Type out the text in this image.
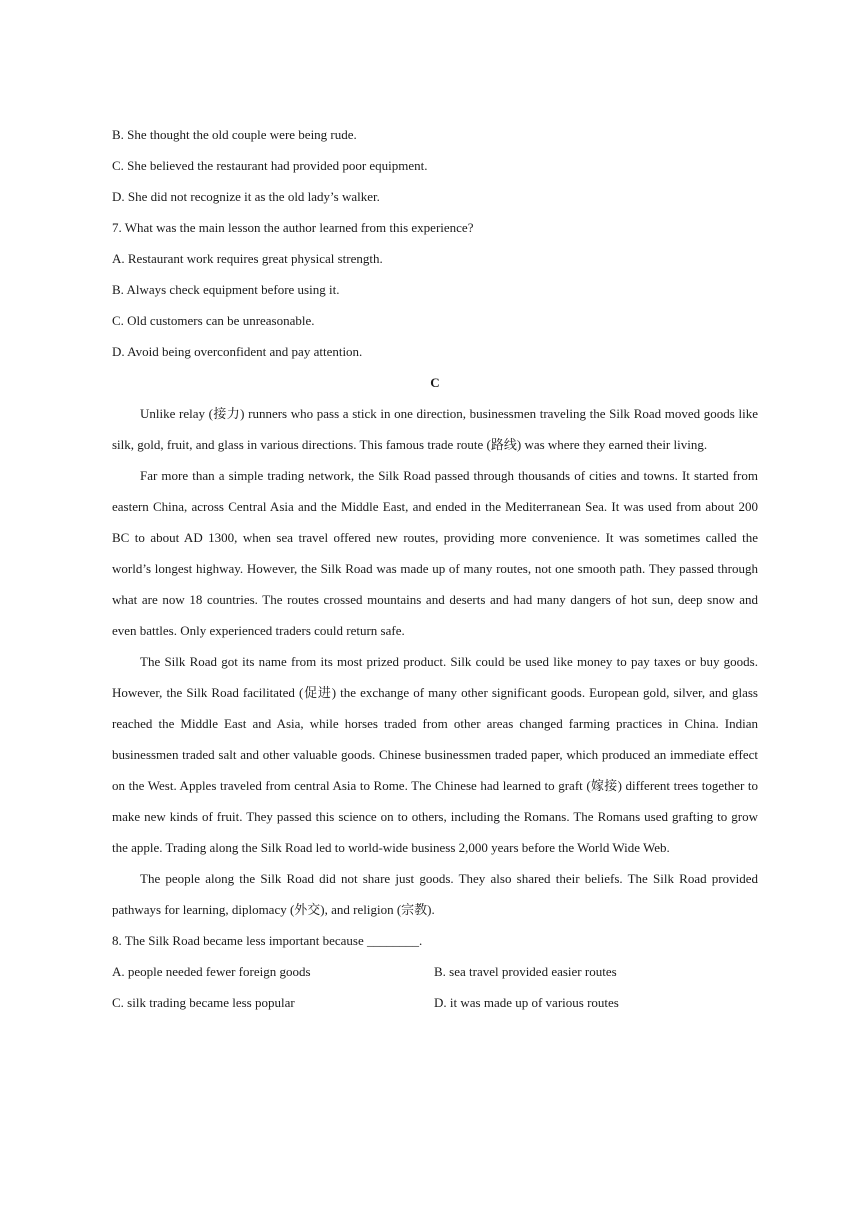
B. She thought the old couple were being rude.
C. She believed the restaurant had provided poor equipment.
D. She did not recognize it as the old lady’s walker.
7. What was the main lesson the author learned from this experience?
A. Restaurant work requires great physical strength.
B. Always check equipment before using it.
C. Old customers can be unreasonable.
D. Avoid being overconfident and pay attention.
C

Unlike relay (接力) runners who pass a stick in one direction, businessmen traveling the Silk Road moved goods like silk, gold, fruit, and glass in various directions. This famous trade route (路线) was where they earned their living.

Far more than a simple trading network, the Silk Road passed through thousands of cities and towns. It started from eastern China, across Central Asia and the Middle East, and ended in the Mediterranean Sea. It was used from about 200 BC to about AD 1300, when sea travel offered new routes, providing more convenience. It was sometimes called the world’s longest highway. However, the Silk Road was made up of many routes, not one smooth path. They passed through what are now 18 countries. The routes crossed mountains and deserts and had many dangers of hot sun, deep snow and even battles. Only experienced traders could return safe.

The Silk Road got its name from its most prized product. Silk could be used like money to pay taxes or buy goods. However, the Silk Road facilitated (促进) the exchange of many other significant goods. European gold, silver, and glass reached the Middle East and Asia, while horses traded from other areas changed farming practices in China. Indian businessmen traded salt and other valuable goods. Chinese businessmen traded paper, which produced an immediate effect on the West. Apples traveled from central Asia to Rome. The Chinese had learned to graft (嫁接) different trees together to make new kinds of fruit. They passed this science on to others, including the Romans. The Romans used grafting to grow the apple. Trading along the Silk Road led to world-wide business 2,000 years before the World Wide Web.

The people along the Silk Road did not share just goods. They also shared their beliefs. The Silk Road provided pathways for learning, diplomacy (外交), and religion (宗教).

8. The Silk Road became less important because ________.
A. people needed fewer foreign goods	B. sea travel provided easier routes
C. silk trading became less popular	D. it was made up of various routes
